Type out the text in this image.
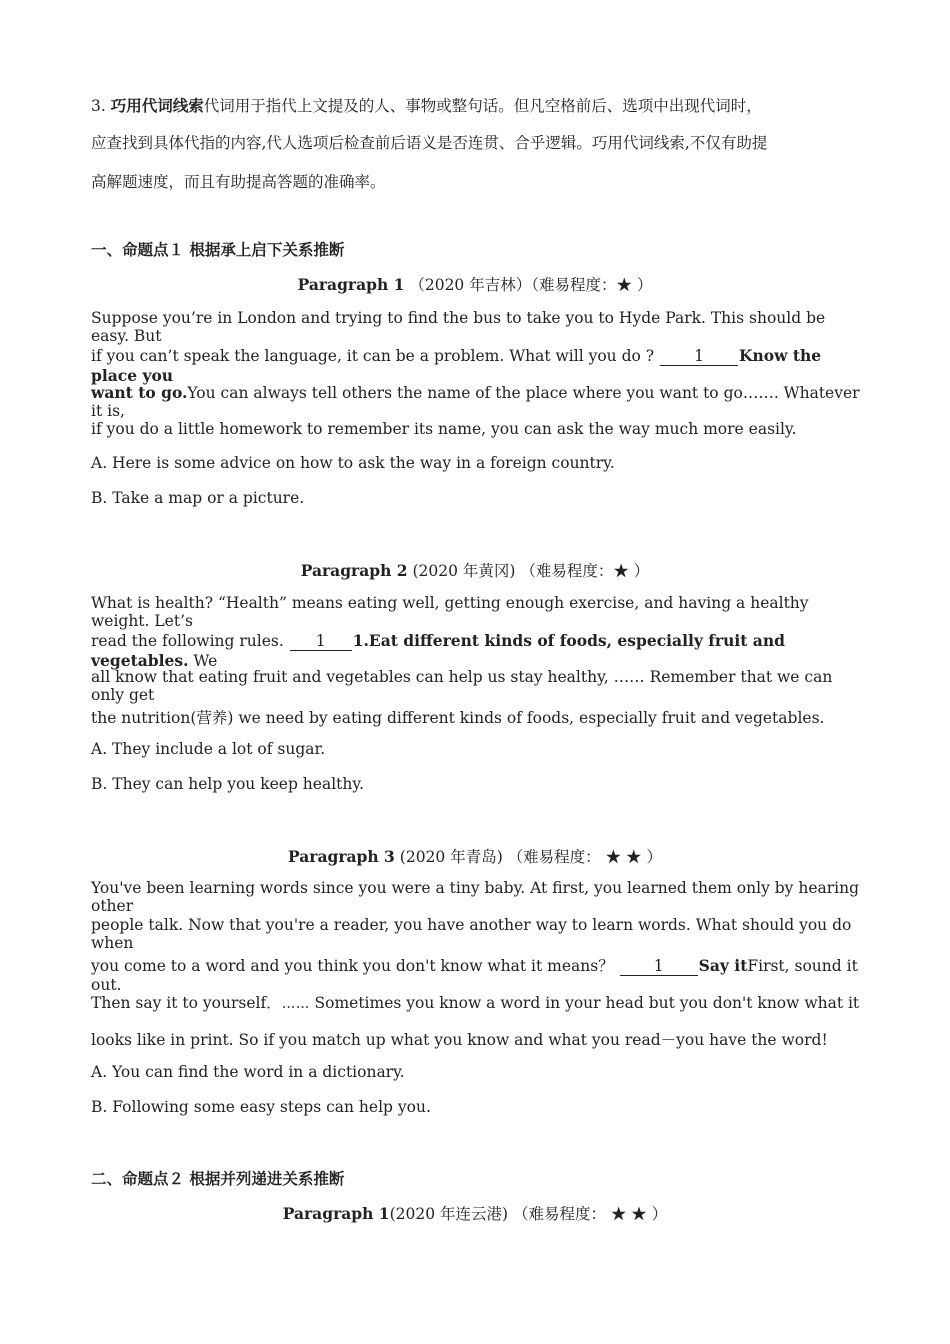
3. 巧用代词线索代词用于指代上文提及的人、事物或整句话。但凡空格前后、选项中出现代词时，

应查找到具体代指的内容,代人选项后检查前后语义是否连贯、合乎逻辑。巧用代词线索,不仅有助提
高解题速度，而且有助提高答题的准确率。
一、命题点１ 根据承上启下关系推断
Paragraph 1 （2020 年吉林）（难易程度：★ ）
Suppose you’re in London and trying to find the bus to take you to Hyde Park. This should be easy. But
if you can’t speak the language, it can be a problem. What will you do ?	1 Know the place you
want to go.You can always tell others the name of the place where you want to go……. Whatever it is,
if you do a little homework to remember its name, you can ask the way much more easily.
A. Here is some advice on how to ask the way in a foreign country.
B. Take a map or a picture.
Paragraph 2 (2020 年黄冈) （难易程度：★ ）
What is health? “Health” means eating well, getting enough exercise, and having a healthy weight. Let’s
read the following rules. 1 1.Eat different kinds of foods, especially fruit and vegetables. We
all know that eating fruit and vegetables can help us stay healthy, …… Remember that we can only get
the nutrition(营养) we need by eating different kinds of foods, especially fruit and vegetables.
A. They include a lot of sugar.
B. They can help you keep healthy.
Paragraph 3 (2020 年青岛) （难易程度： ★ ★ ）
You've been learning words since you were a tiny baby. At first, you learned them only by hearing other
people talk. Now that you're a reader, you have another way to learn words. What should you do when
you come to a word and you think you don't know what it means？	1 Say itFirst, sound it out.
Then say it to yourself．⋯⋯ Sometimes you know a word in your head but you don't know what it
looks like in print. So if you match up what you know and what you read－you have the word!
A. You can find the word in a dictionary.
B. Following some easy steps can help you.
二、命题点２ 根据并列递进关系推断
Paragraph 1(2020 年连云港) （难易程度： ★ ★ ）
